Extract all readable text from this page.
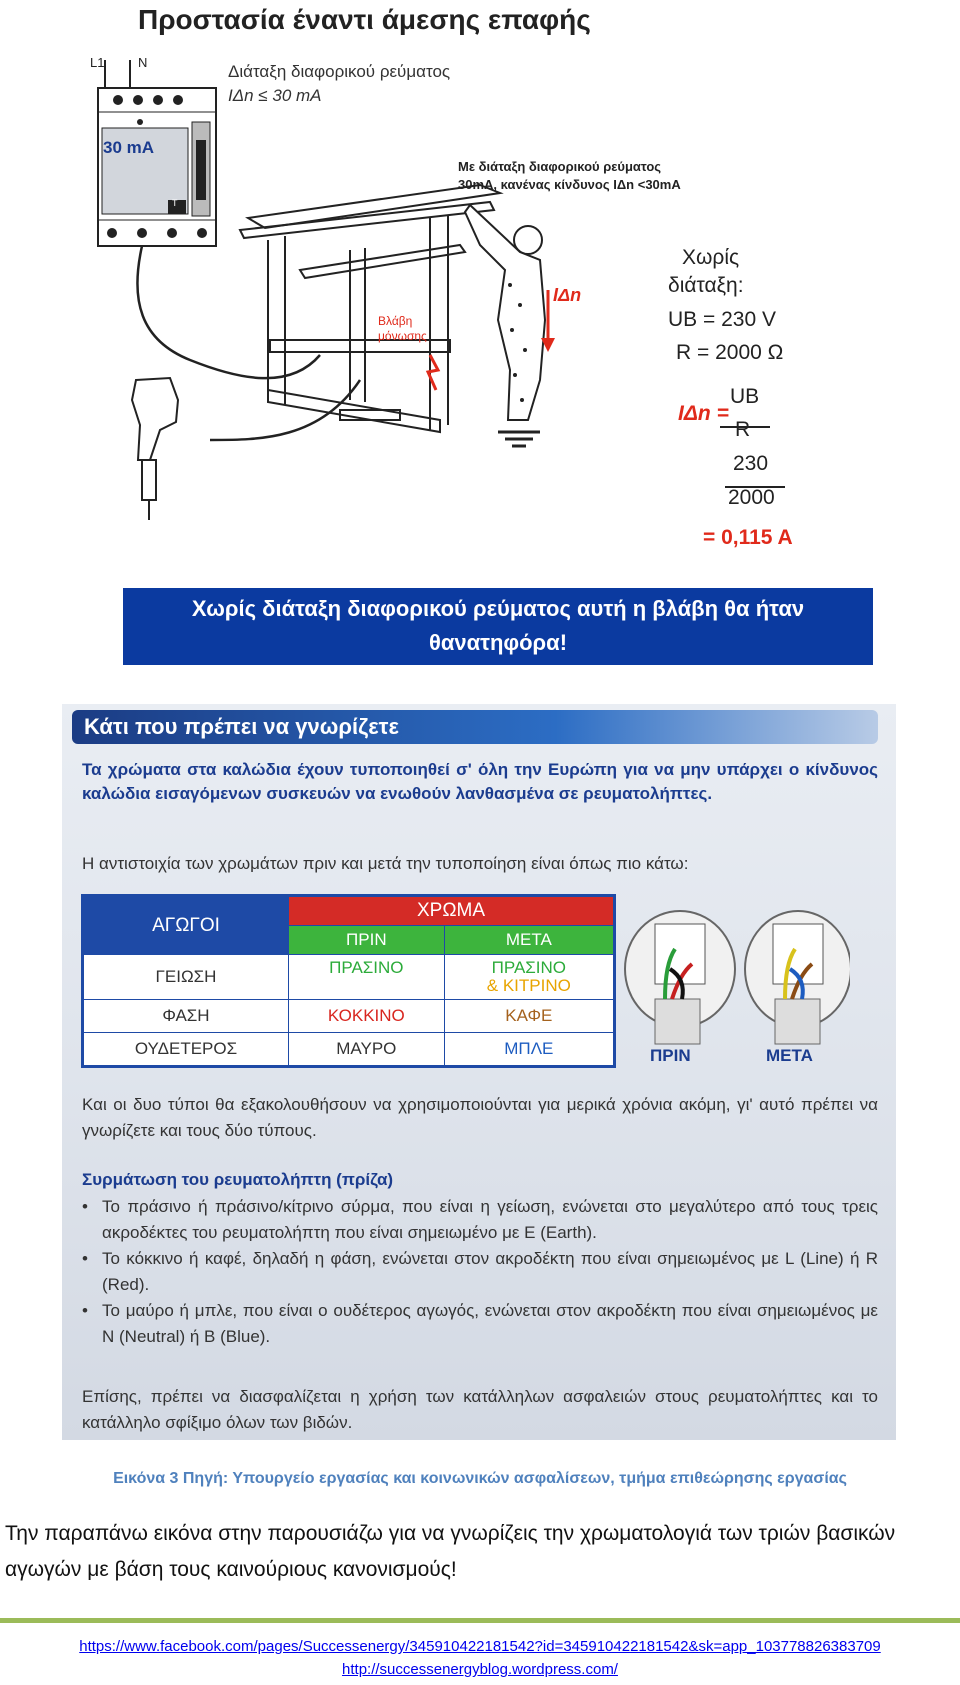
Προστασία έναντι άμεσης επαφής
L1	N	Διάταξη διαφορικού ρεύματος
IΔn ≤ 30 mA
30 mA
T
Με διάταξη διαφορικού ρεύματος
30mA, κανένας κίνδυνος IΔn <30mA
Βλάβη
μόνωσης
IΔn
Χωρίς
διάταξη:
UB = 230 V
R = 2000 Ω
IΔn =
UB
R
230
2000
= 0,115 A
Χωρίς διάταξη διαφορικού ρεύματος αυτή η βλάβη θα ήταν
θανατηφόρα!
Κάτι που πρέπει να γνωρίζετε
Τα χρώματα στα καλώδια έχουν τυποποιηθεί σ' όλη την Ευρώπη για να μην υπάρχει ο κίνδυνος καλώδια εισαγόμενων συσκευών να ενωθούν λανθασμένα σε ρευματολήπτες.
Η αντιστοιχία των χρωμάτων πριν και μετά την τυποποίηση είναι όπως πιο κάτω:
ΑΓΩΓΟΙ	ΧΡΩΜΑ	
	ΠΡΙΝ	ΜΕΤΑ
ΓΕΙΩΣΗ	ΠΡΑΣΙΝΟ	ΠΡΑΣΙΝΟ
& ΚΙΤΡΙΝΟ

ΦΑΣΗ	ΚΟΚΚΙΝΟ	ΚΑΦΕ
ΟΥΔΕΤΕΡΟΣ	ΜΑΥΡΟ	ΜΠΛΕ	ΠΡΙΝ	ΜΕΤΑ
Και οι δυο τύποι θα εξακολουθήσουν να χρησιμοποιούνται για μερικά χρόνια ακόμη, γι' αυτό πρέπει να γνωρίζετε και τους δύο τύπους.
Συρμάτωση του ρευματολήπτη (πρίζα)
• Το πράσινο ή πράσινο/κίτρινο σύρμα, που είναι η γείωση, ενώνεται στο μεγαλύτερο από τους τρεις ακροδέκτες του ρευματολήπτη που είναι σημειωμένο με E (Earth).
• Το κόκκινο ή καφέ, δηλαδή η φάση, ενώνεται στον ακροδέκτη που είναι σημειωμένος με L (Line) ή R (Red).
• Το μαύρο ή μπλε, που είναι ο ουδέτερος αγωγός, ενώνεται στον ακροδέκτη που είναι σημειωμένος με N (Neutral) ή B (Blue).
Επίσης, πρέπει να διασφαλίζεται η χρήση των κατάλληλων ασφαλειών στους ρευματολήπτες και το κατάλληλο σφίξιμο όλων των βιδών.
Εικόνα 3 Πηγή: Υπουργείο εργασίας και κοινωνικών ασφαλίσεων, τμήμα επιθεώρησης εργασίας
Την παραπάνω εικόνα στην παρουσιάζω για να γνωρίζεις την χρωματολογιά των τριών βασικών αγωγών με βάση τους καινούριους κανονισμούς!
https://www.facebook.com/pages/Successenergy/345910422181542?id=345910422181542&sk=app_103778826383709
http://successenergyblog.wordpress.com/
